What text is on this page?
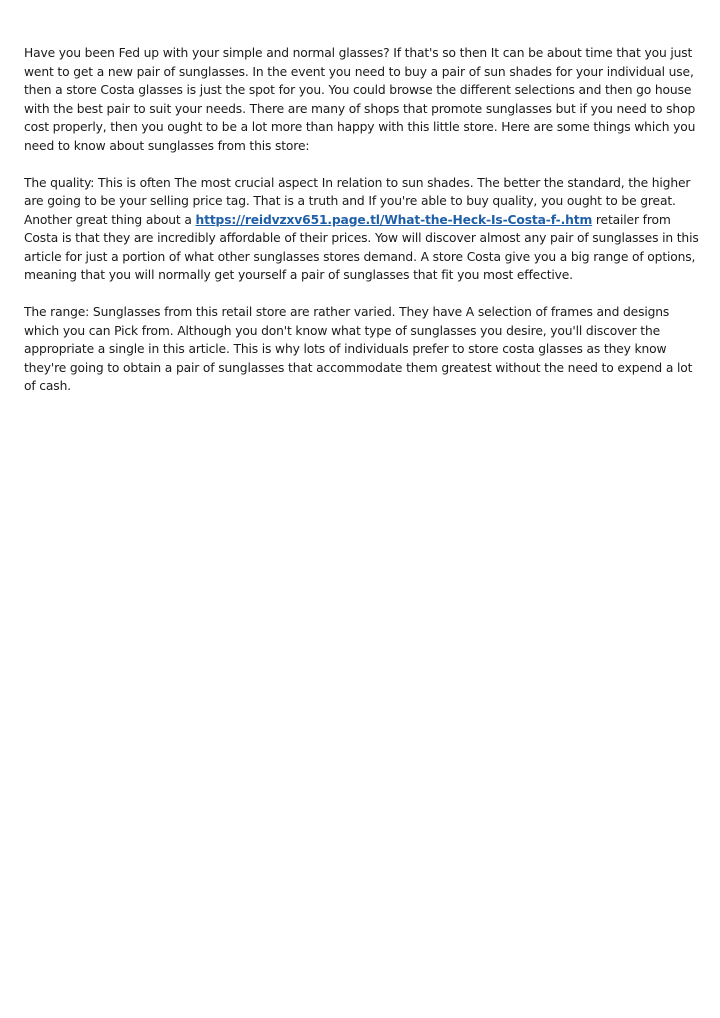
Have you been Fed up with your simple and normal glasses? If that's so then It can be about time that you just went to get a new pair of sunglasses. In the event you need to buy a pair of sun shades for your individual use, then a store Costa glasses is just the spot for you. You could browse the different selections and then go house with the best pair to suit your needs. There are many of shops that promote sunglasses but if you need to shop cost properly, then you ought to be a lot more than happy with this little store. Here are some things which you need to know about sunglasses from this store:

The quality: This is often The most crucial aspect In relation to sun shades. The better the standard, the higher are going to be your selling price tag. That is a truth and If you're able to buy quality, you ought to be great. Another great thing about a https://reidvzxv651.page.tl/What-the-Heck-Is-Costa-f-.htm retailer from Costa is that they are incredibly affordable of their prices. Yow will discover almost any pair of sunglasses in this article for just a portion of what other sunglasses stores demand. A store Costa give you a big range of options, meaning that you will normally get yourself a pair of sunglasses that fit you most effective.

The range: Sunglasses from this retail store are rather varied. They have A selection of frames and designs which you can Pick from. Although you don't know what type of sunglasses you desire, you'll discover the appropriate a single in this article. This is why lots of individuals prefer to store costa glasses as they know they're going to obtain a pair of sunglasses that accommodate them greatest without the need to expend a lot of cash.
